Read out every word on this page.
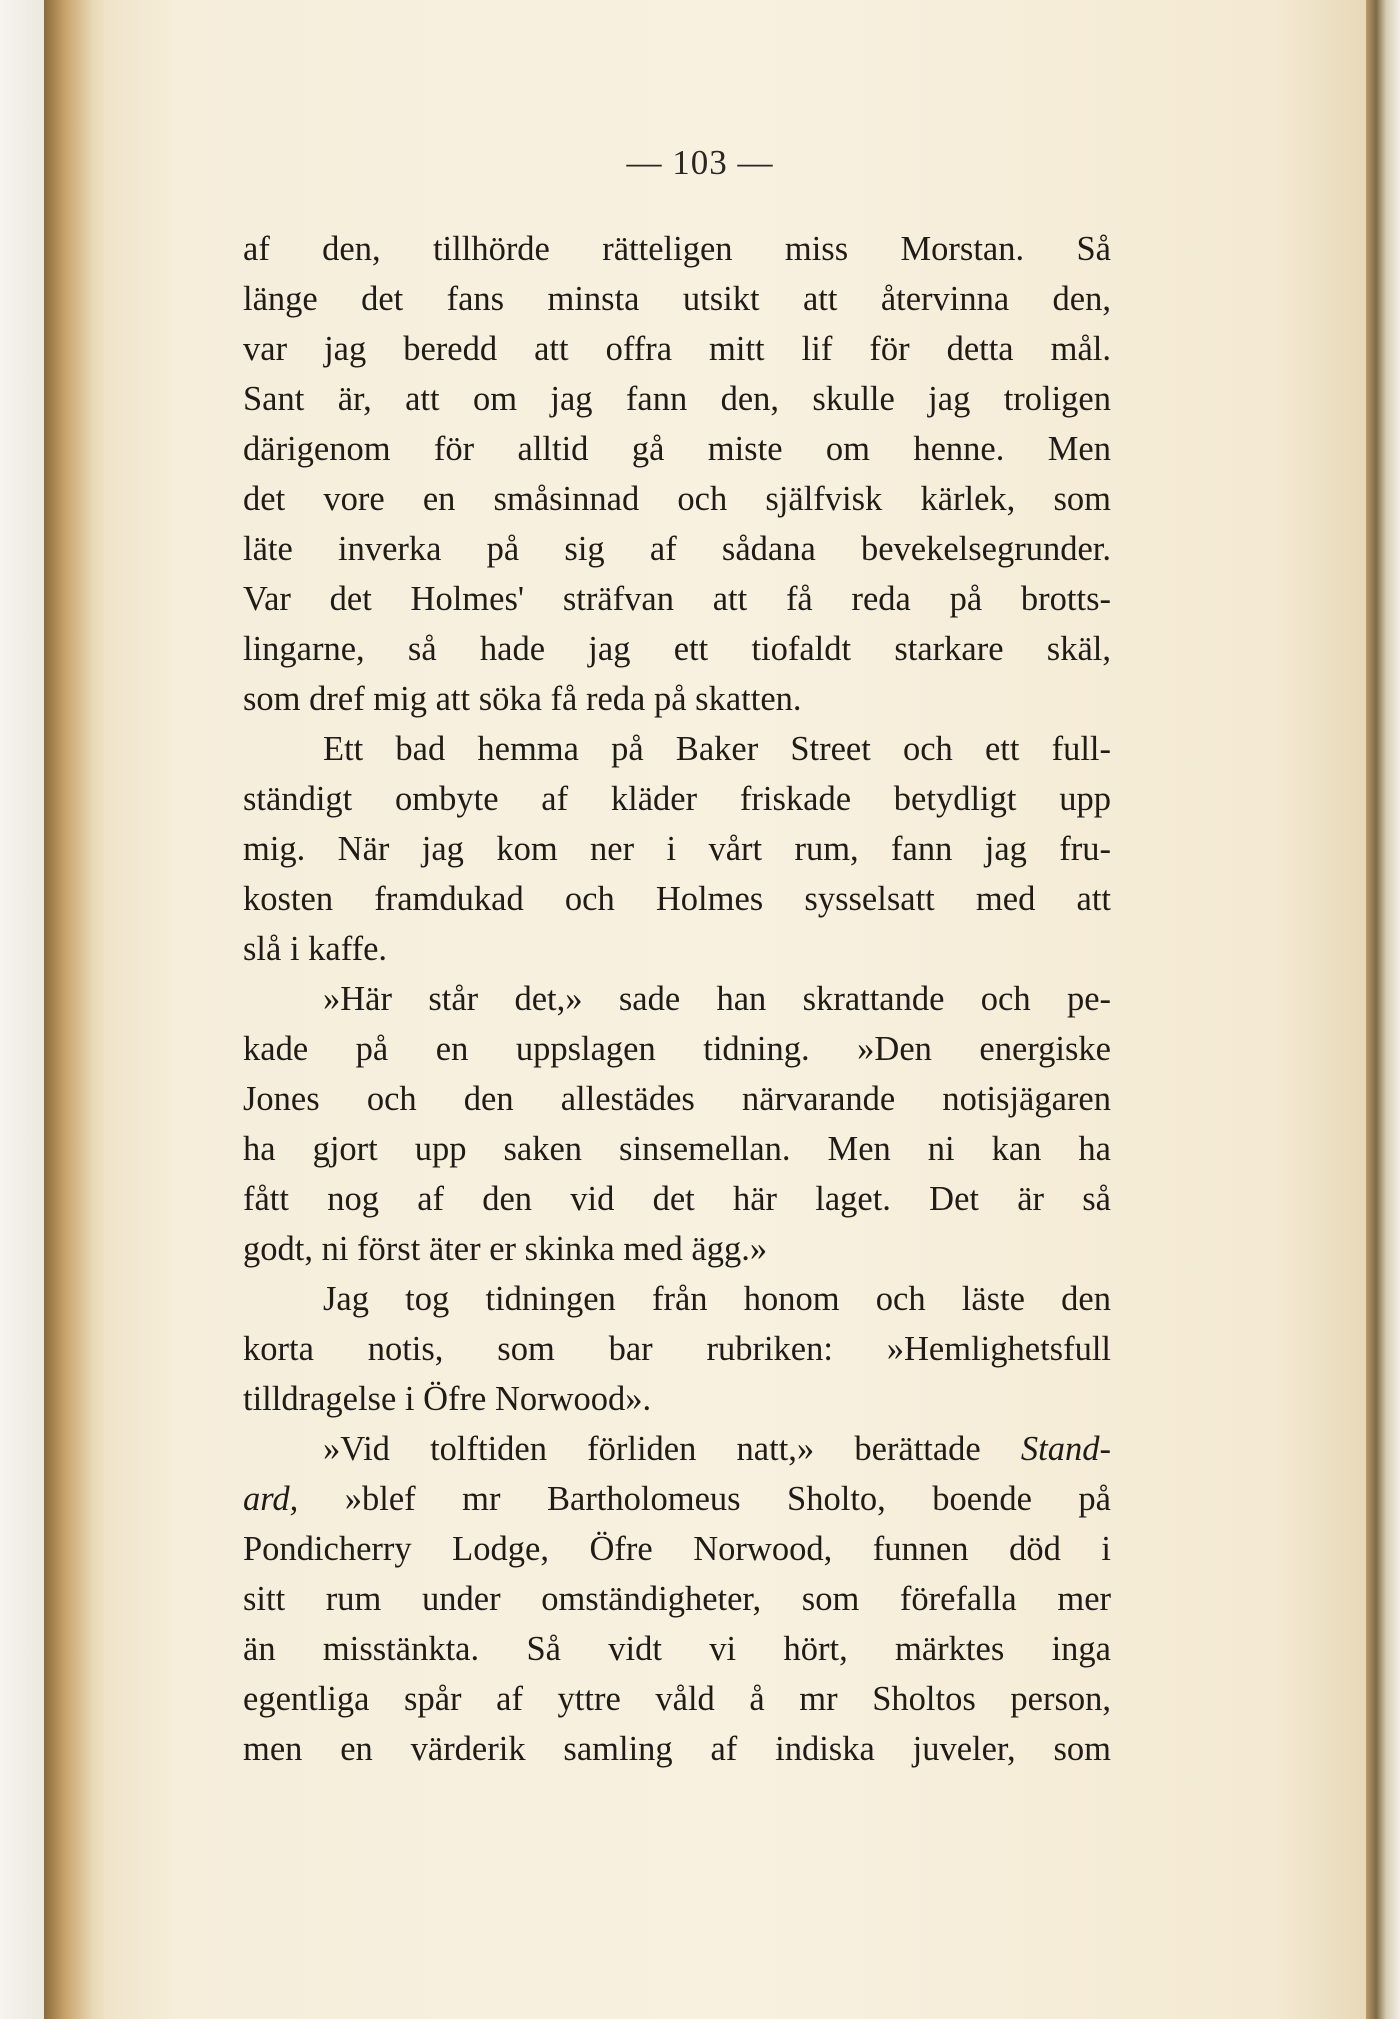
— 103 —
af den, tillhörde rätteligen miss Morstan. Så
länge det fans minsta utsikt att återvinna den,
var jag beredd att offra mitt lif för detta mål.
Sant är, att om jag fann den, skulle jag troligen
därigenom för alltid gå miste om henne. Men
det vore en småsinnad och själfvisk kärlek, som
läte inverka på sig af sådana bevekelsegrunder.
Var det Holmes' sträfvan att få reda på brotts-
lingarne, så hade jag ett tiofaldt starkare skäl,
som dref mig att söka få reda på skatten.
Ett bad hemma på Baker Street och ett full-
ständigt ombyte af kläder friskade betydligt upp
mig. När jag kom ner i vårt rum, fann jag fru-
kosten framdukad och Holmes sysselsatt med att
slå i kaffe.
»Här står det,» sade han skrattande och pe-
kade på en uppslagen tidning. »Den energiske
Jones och den allestädes närvarande notisjägaren
ha gjort upp saken sinsemellan. Men ni kan ha
fått nog af den vid det här laget. Det är så
godt, ni först äter er skinka med ägg.»
Jag tog tidningen från honom och läste den
korta notis, som bar rubriken: »Hemlighetsfull
tilldragelse i Öfre Norwood».
»Vid tolftiden förliden natt,» berättade Stand-
ard, »blef mr Bartholomeus Sholto, boende på
Pondicherry Lodge, Öfre Norwood, funnen död i
sitt rum under omständigheter, som förefalla mer
än misstänkta. Så vidt vi hört, märktes inga
egentliga spår af yttre våld å mr Sholtos person,
men en värderik samling af indiska juveler, som
